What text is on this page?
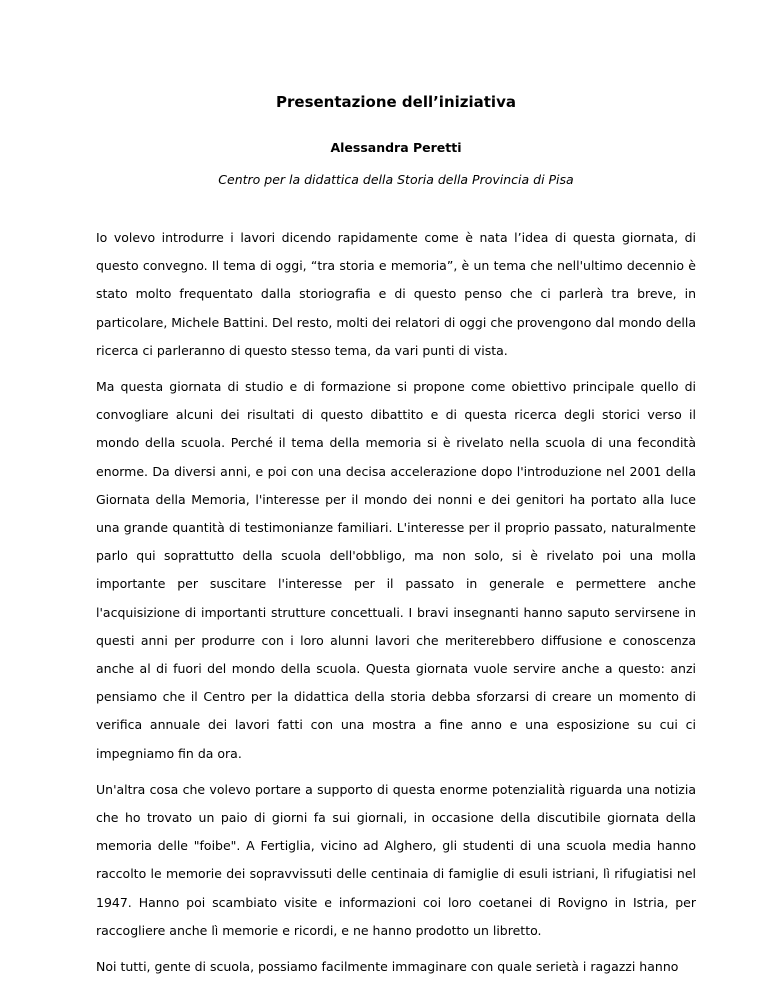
Presentazione dell’iniziativa

Alessandra Peretti

Centro per la didattica della Storia della Provincia di Pisa

Io volevo introdurre i lavori dicendo rapidamente come è nata l’idea di questa giornata, di questo convegno. Il tema di oggi, “tra storia e memoria”, è un tema che nell'ultimo decennio è stato molto frequentato dalla storiografia e di questo penso che ci parlerà tra breve, in particolare, Michele Battini. Del resto, molti dei relatori di oggi che provengono dal mondo della ricerca ci parleranno di questo stesso tema, da vari punti di vista.

Ma questa giornata di studio e di formazione si propone come obiettivo principale quello di convogliare alcuni dei risultati di questo dibattito e di questa ricerca degli storici verso il mondo della scuola. Perché il tema della memoria si è rivelato nella scuola di una fecondità enorme. Da diversi anni, e poi con una decisa accelerazione dopo l'introduzione nel 2001 della Giornata della Memoria, l'interesse per il mondo dei nonni e dei genitori ha portato alla luce una grande quantità di testimonianze familiari. L'interesse per il proprio passato, naturalmente parlo qui soprattutto della scuola dell'obbligo, ma non solo, si è rivelato poi una molla importante per suscitare l'interesse per il passato in generale e permettere anche l'acquisizione di importanti strutture concettuali. I bravi insegnanti hanno saputo servirsene in questi anni per produrre con i loro alunni lavori che meriterebbero diffusione e conoscenza anche al di fuori del mondo della scuola. Questa giornata vuole servire anche a questo: anzi pensiamo che il Centro per la didattica della storia debba sforzarsi di creare un momento di verifica annuale dei lavori fatti con una mostra a fine anno e una esposizione su cui ci impegniamo fin da ora.

Un'altra cosa che volevo portare a supporto di questa enorme potenzialità riguarda una notizia che ho trovato un paio di giorni fa sui giornali, in occasione della discutibile giornata della memoria delle "foibe". A Fertiglia, vicino ad Alghero, gli studenti di una scuola media hanno raccolto le memorie dei sopravvissuti delle centinaia di famiglie di esuli istriani, lì rifugiatisi nel 1947. Hanno poi scambiato visite e informazioni coi loro coetanei di Rovigno in Istria, per raccogliere anche lì memorie e ricordi, e ne hanno prodotto un libretto.

Noi tutti, gente di scuola, possiamo facilmente immaginare con quale serietà i ragazzi hanno
